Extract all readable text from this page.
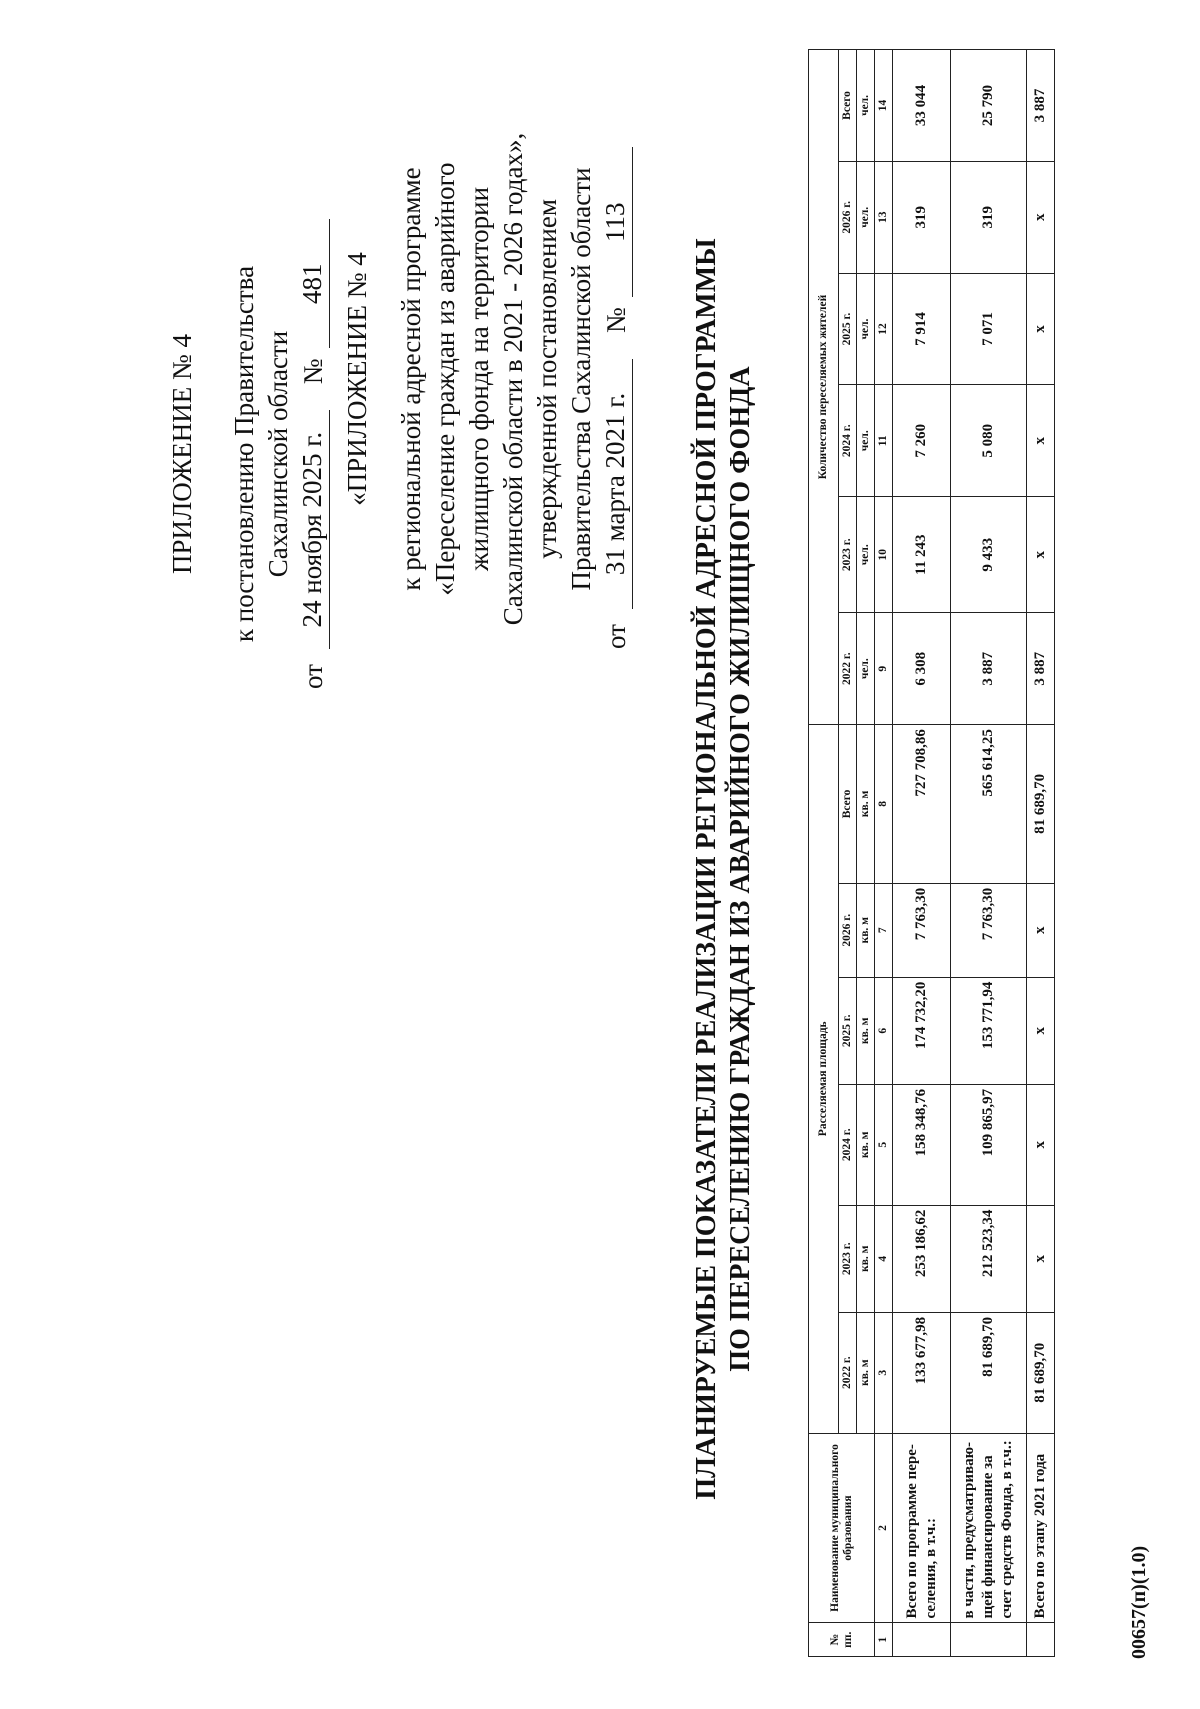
ПРИЛОЖЕНИЕ № 4 к постановлению Правительства Сахалинской области
от
24 ноября 2025 г.
№
481 «ПРИЛОЖЕНИЕ № 4 к региональной адресной программе «Переселение граждан из аварийного жилищного фонда на территории Сахалинской области в 2021 - 2026 годах», утвержденной постановлением Правительства Сахалинской области
от
31 марта 2021 г.
№
113
ПЛАНИРУЕМЫЕ ПОКАЗАТЕЛИ РЕАЛИЗАЦИИ РЕГИОНАЛЬНОЙ АДРЕСНОЙ ПРОГРАММЫ ПО ПЕРЕСЕЛЕНИЮ ГРАЖДАН ИЗ АВАРИЙНОГО ЖИЛИЩНОГО ФОНДА
№ пп.	Наименование муниципального образования	Расселяемая площадь						Количество переселяемых жителей					
		2022 г.	2023 г.	2024 г.	2025 г.	2026 г.	Всего	2022 г.	2023 г.	2024 г.	2025 г.	2026 г.	Всего
		кв. м	кв. м	кв. м	кв. м	кв. м	кв. м	чел.	чел.	чел.	чел.	чел.	чел.
1	2	3	4	5	6	7	8	9	10	11	12	13	14
	Всего по программе пере-селения, в т.ч.:	133 677,98	253 186,62	158 348,76	174 732,20	7 763,30	727 708,86	6 308	11 243	7 260	7 914	319	33 044
	в части, предусматриваю-щей финансирование за счет средств Фонда, в т.ч.:	81 689,70	212 523,34	109 865,97	153 771,94	7 763,30	565 614,25	3 887	9 433	5 080	7 071	319	25 790
	Всего по этапу 2021 года	81 689,70	x	x	x	x	81 689,70	3 887	x	x	x	x	3 887
00657(п)(1.0)
